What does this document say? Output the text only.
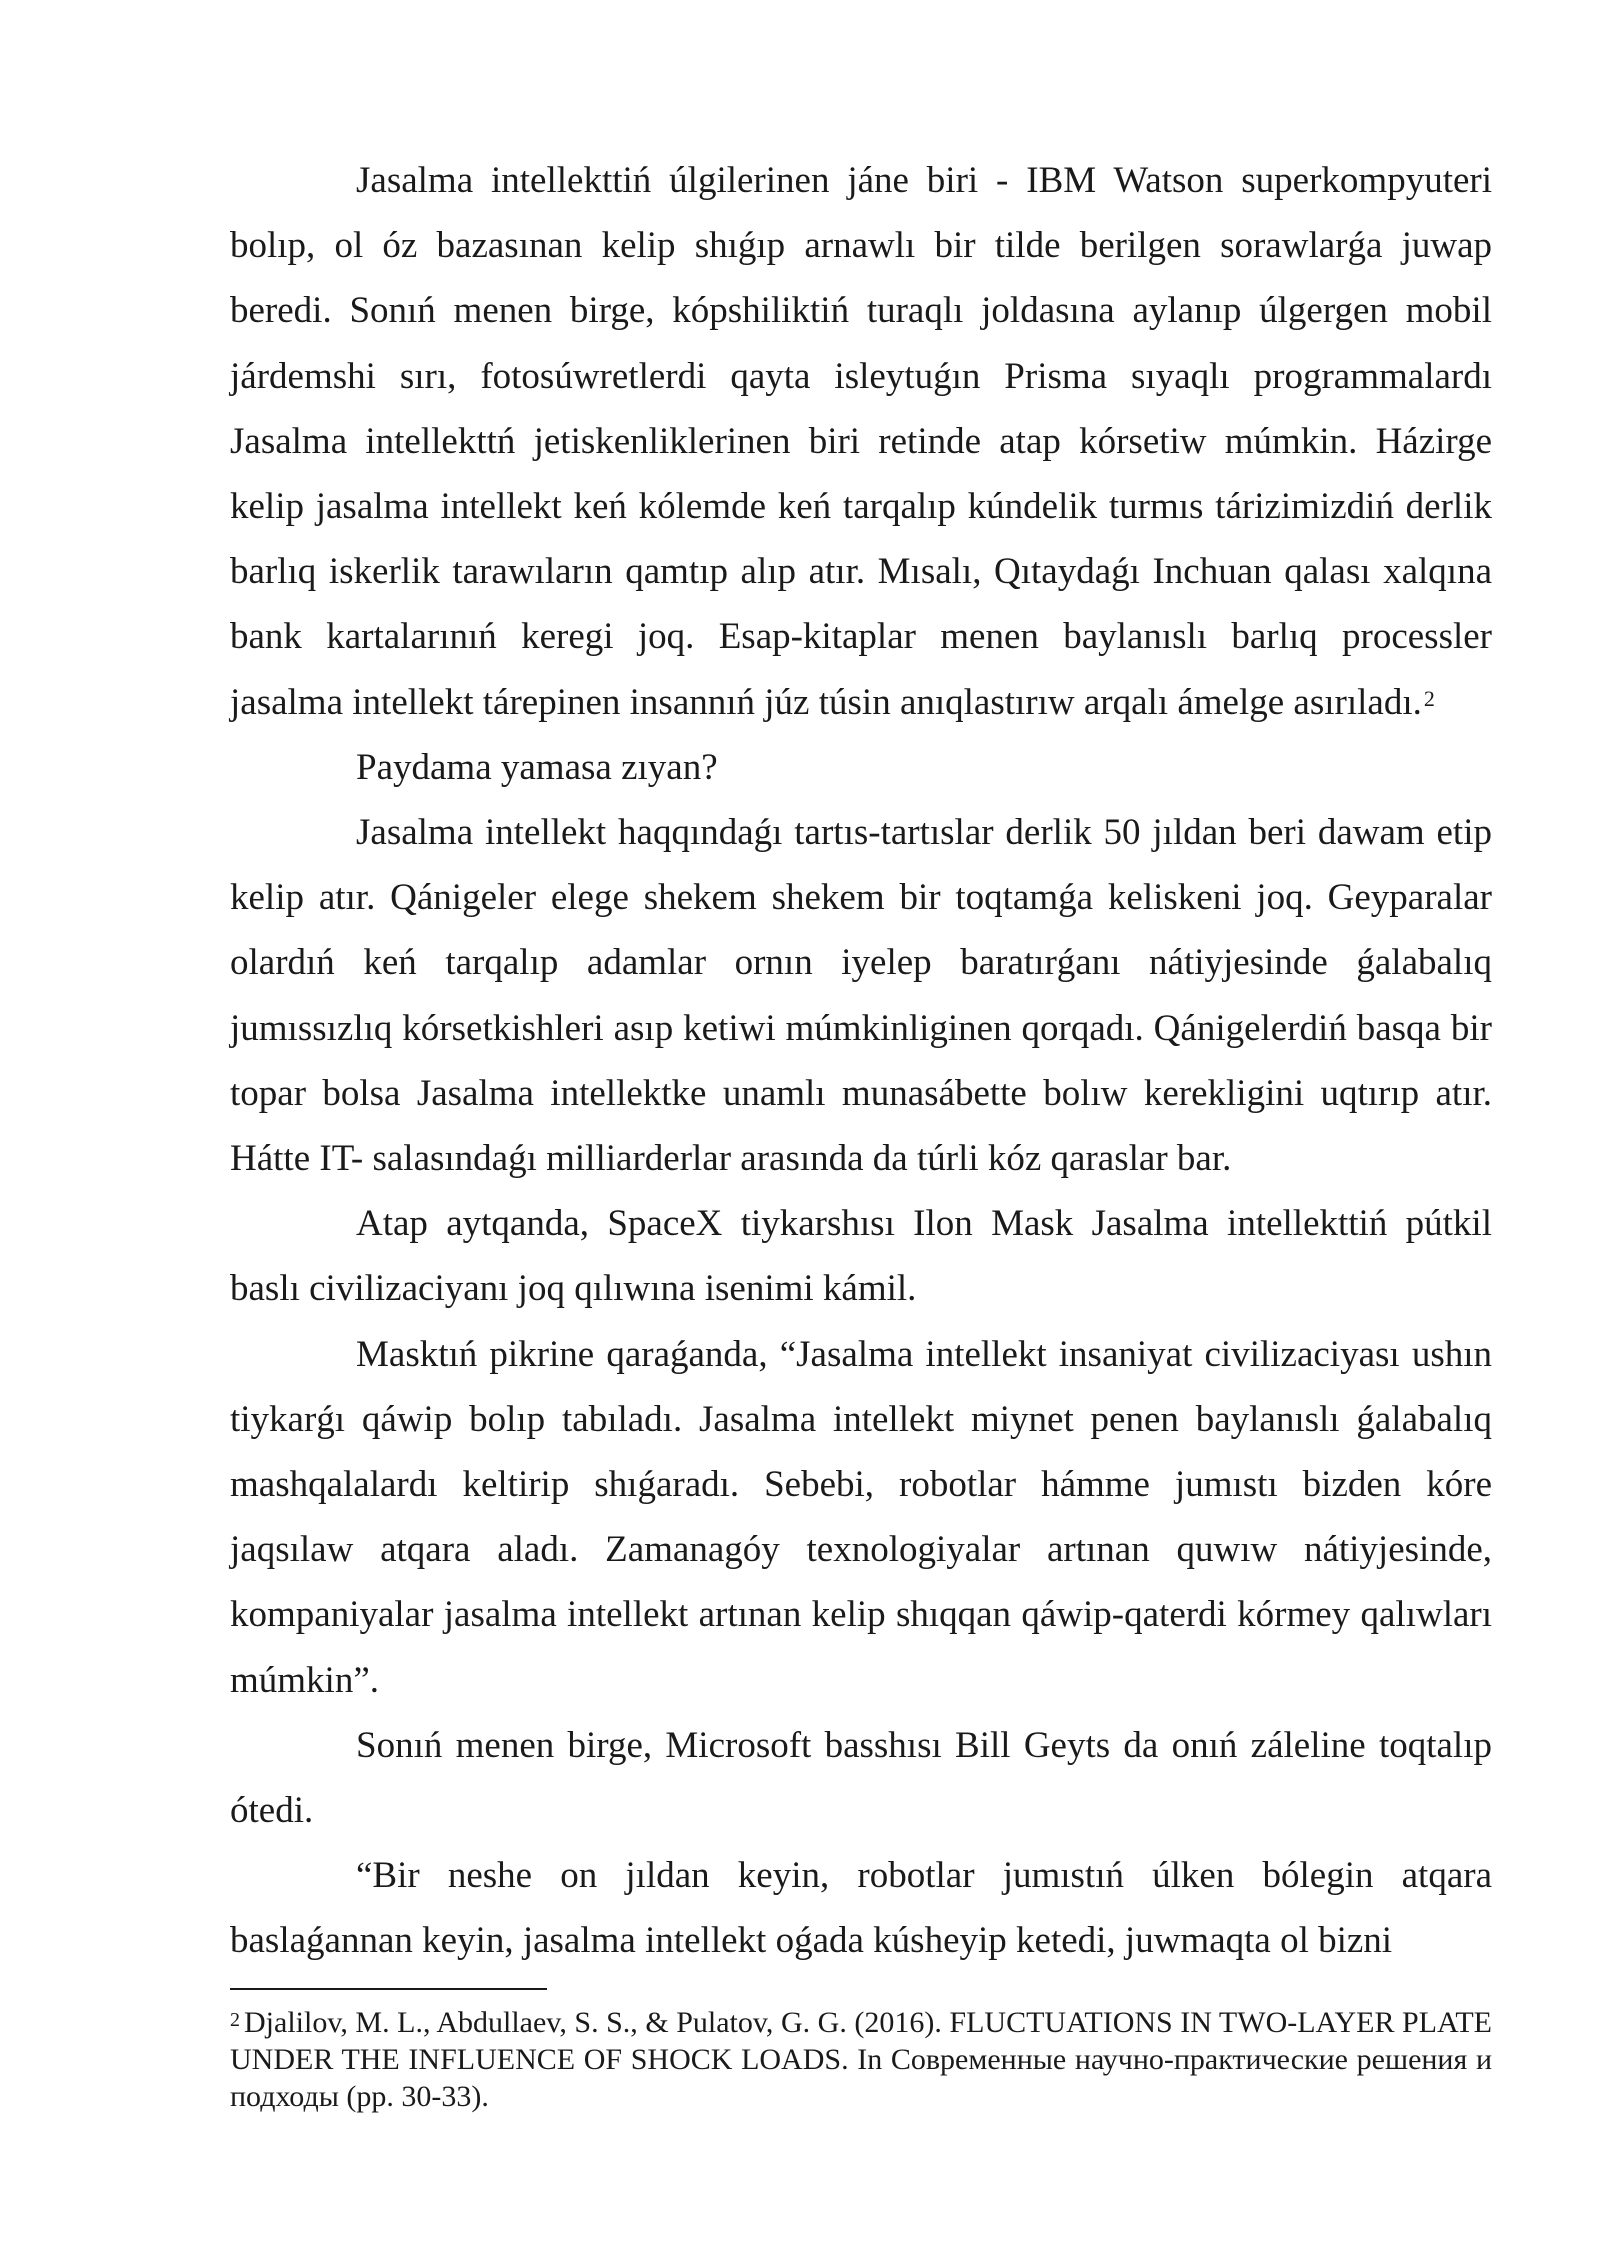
Jasalma intellekttiń úlgilerinen jáne biri - IBM Watson superkompyuteri bolıp, ol óz bazasınan kelip shıǵıp arnawlı bir tilde berilgen sorawlarǵa juwap beredi. Sonıń menen birge, kópshiliktiń turaqlı joldasına aylanıp úlgergen mobil járdemshi sırı, fotosúwretlerdi qayta isleytuǵın Prisma sıyaqlı programmalardı Jasalma intellekttń jetiskenliklerinen biri retinde atap kórsetiw múmkin. Házirge kelip jasalma intellekt keń kólemde keń tarqalıp kúndelik turmıs tárizimizdiń derlik barlıq iskerlik tarawıların qamtıp alıp atır. Mısalı, Qıtaydaǵı Inchuan qalası xalqına bank kartalarınıń keregi joq. Esap-kitaplar menen baylanıslı barlıq processler jasalma intellekt tárepinen insannıń júz túsin anıqlastırıw arqalı ámelge asırıladı.$^2$

Paydama yamasa zıyan?

Jasalma intellekt haqqındaǵı tartıs-tartıslar derlik 50 jıldan beri dawam etip kelip atır. Qánigeler elege shekem shekem bir toqtamǵa keliskeni joq. Geyparalar olardıń keń tarqalıp adamlar ornın iyelep baratırǵanı nátiyjesinde ǵalabalıq jumıssızlıq kórsetkishleri asıp ketiwi múmkinliginen qorqadı. Qánigelerdiń basqa bir topar bolsa Jasalma intellektke unamlı munasábette bolıw kerekligini uqtırıp atır. Hátte IT- salasındaǵı milliarderlar arasında da túrli kóz qaraslar bar.

Atap aytqanda, SpaceX tiykarshısı Ilon Mask Jasalma intellekttiń pútkil baslı civilizaciyanı joq qılıwına isenimi kámil.

Masktıń pikrine qaraǵanda, “Jasalma intellekt insaniyat civilizaciyası ushın tiykarǵı qáwip bolıp tabıladı. Jasalma intellekt miynet penen baylanıslı ǵalabalıq mashqalalardı keltirip shıǵaradı. Sebebi, robotlar hámme jumıstı bizden kóre jaqsılaw atqara aladı. Zamanagóy texnologiyalar artınan quwıw nátiyjesinde, kompaniyalar jasalma intellekt artınan kelip shıqqan qáwip-qaterdi kórmey qalıwları múmkin”.

Sonıń menen birge, Microsoft basshısı Bill Geyts da onıń záleline toqtalıp ótedi.

“Bir neshe on jıldan keyin, robotlar jumıstıń úlken bólegin atqara baslaǵannan keyin, jasalma intellekt oǵada kúsheyip ketedi, juwmaqta ol bizni

$^2$ Djalilov, M. L., Abdullaev, S. S., & Pulatov, G. G. (2016). FLUCTUATIONS IN TWO-LAYER PLATE UNDER THE INFLUENCE OF SHOCK LOADS. In Современные научно-практические решения и подходы (pp. 30-33).
